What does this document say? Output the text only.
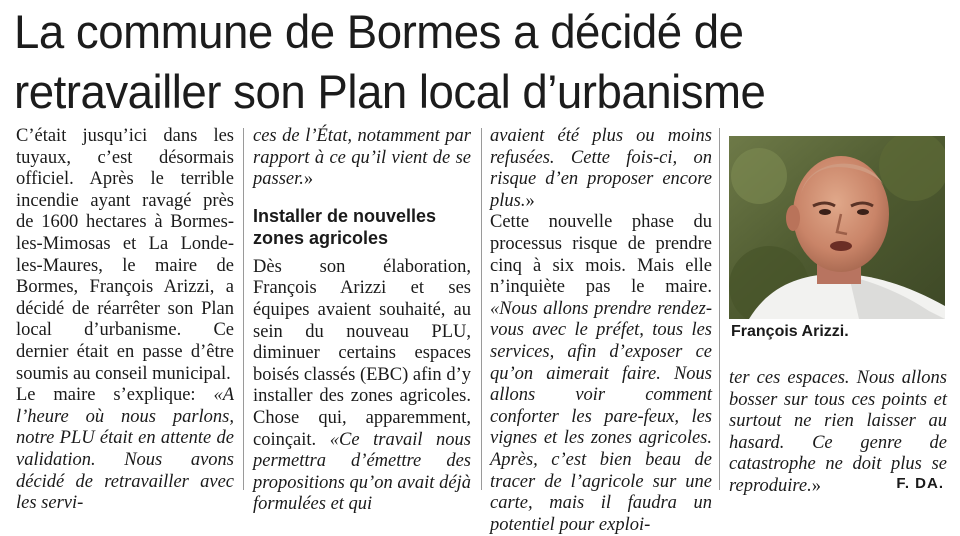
La commune de Bormes a décidé de
retravailler son Plan local d’urbanisme

C’était jusqu’ici dans les tuyaux, c’est désormais officiel. Après le terrible incendie ayant ravagé près de 1600 hectares à Bormes-les-Mimosas et La Londe-les-Maures, le maire de Bormes, François Arizzi, a décidé de réarrêter son Plan local d’urbanisme. Ce dernier était en passe d’être soumis au conseil municipal.

Le maire s’explique: «A l’heure où nous parlons, notre PLU était en attente de validation. Nous avons décidé de retravailler avec les servi-

ces de l’État, notamment par rapport à ce qu’il vient de se passer.»

Installer de nouvelles
zones agricoles

Dès son élaboration, François Arizzi et ses équipes avaient souhaité, au sein du nouveau PLU, diminuer certains espaces boisés classés (EBC) afin d’y installer des zones agricoles. Chose qui, apparemment, coinçait. «Ce travail nous permettra d’émettre des propositions qu’on avait déjà formulées et qui

avaient été plus ou moins refusées. Cette fois-ci, on risque d’en proposer encore plus.»

Cette nouvelle phase du processus risque de prendre cinq à six mois. Mais elle n’inquiète pas le maire. «Nous allons prendre rendez-vous avec le préfet, tous les services, afin d’exposer ce qu’on aimerait faire. Nous allons voir comment conforter les pare-feux, les vignes et les zones agricoles. Après, c’est bien beau de tracer de l’agricole sur une carte, mais il faudra un potentiel pour exploi-

François Arizzi.

ter ces espaces. Nous allons bosser sur tous ces points et surtout ne rien laisser au hasard. Ce genre de catastrophe ne doit plus se reproduire.»	F. DA.
